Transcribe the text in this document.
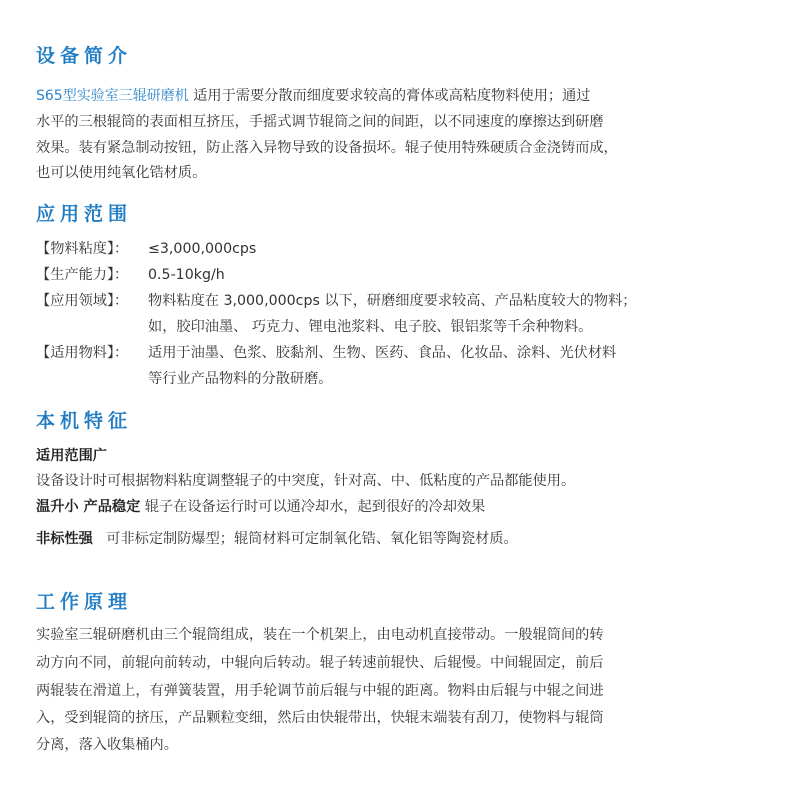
设备简介
S65型实验室三辊研磨机 适用于需要分散而细度要求较高的膏体或高粘度物料使用；通过
水平的三根辊筒的表面相互挤压，手摇式调节辊筒之间的间距，以不同速度的摩擦达到研磨
效果。装有紧急制动按钮，防止落入异物导致的设备损坏。辊子使用特殊硬质合金浇铸而成，
也可以使用纯氧化锆材质。
应用范围
【物料粘度】： ≤3,000,000cps
【生产能力】： 0.5-10kg/h
【应用领域】： 物料粘度在 3,000,000cps 以下，研磨细度要求较高、产品粘度较大的物料；
如，胶印油墨、 巧克力、锂电池浆料、电子胶、银铝浆等千余种物料。
【适用物料】： 适用于油墨、色浆、胶黏剂、生物、医药、食品、化妆品、涂料、光伏材料
等行业产品物料的分散研磨。
本机特征
适用范围广
设备设计时可根据物料粘度调整辊子的中突度，针对高、中、低粘度的产品都能使用。
温升小 产品稳定 辊子在设备运行时可以通冷却水，起到很好的冷却效果
非标性强 可非标定制防爆型；辊筒材料可定制氧化锆、氧化铝等陶瓷材质。
工作原理
实验室三辊研磨机由三个辊筒组成，装在一个机架上，由电动机直接带动。一般辊筒间的转
动方向不同，前辊向前转动，中辊向后转动。辊子转速前辊快、后辊慢。中间辊固定，前后
两辊装在滑道上，有弹簧装置，用手轮调节前后辊与中辊的距离。物料由后辊与中辊之间进
入，受到辊筒的挤压，产品颗粒变细，然后由快辊带出，快辊末端装有刮刀，使物料与辊筒
分离，落入收集桶内。
